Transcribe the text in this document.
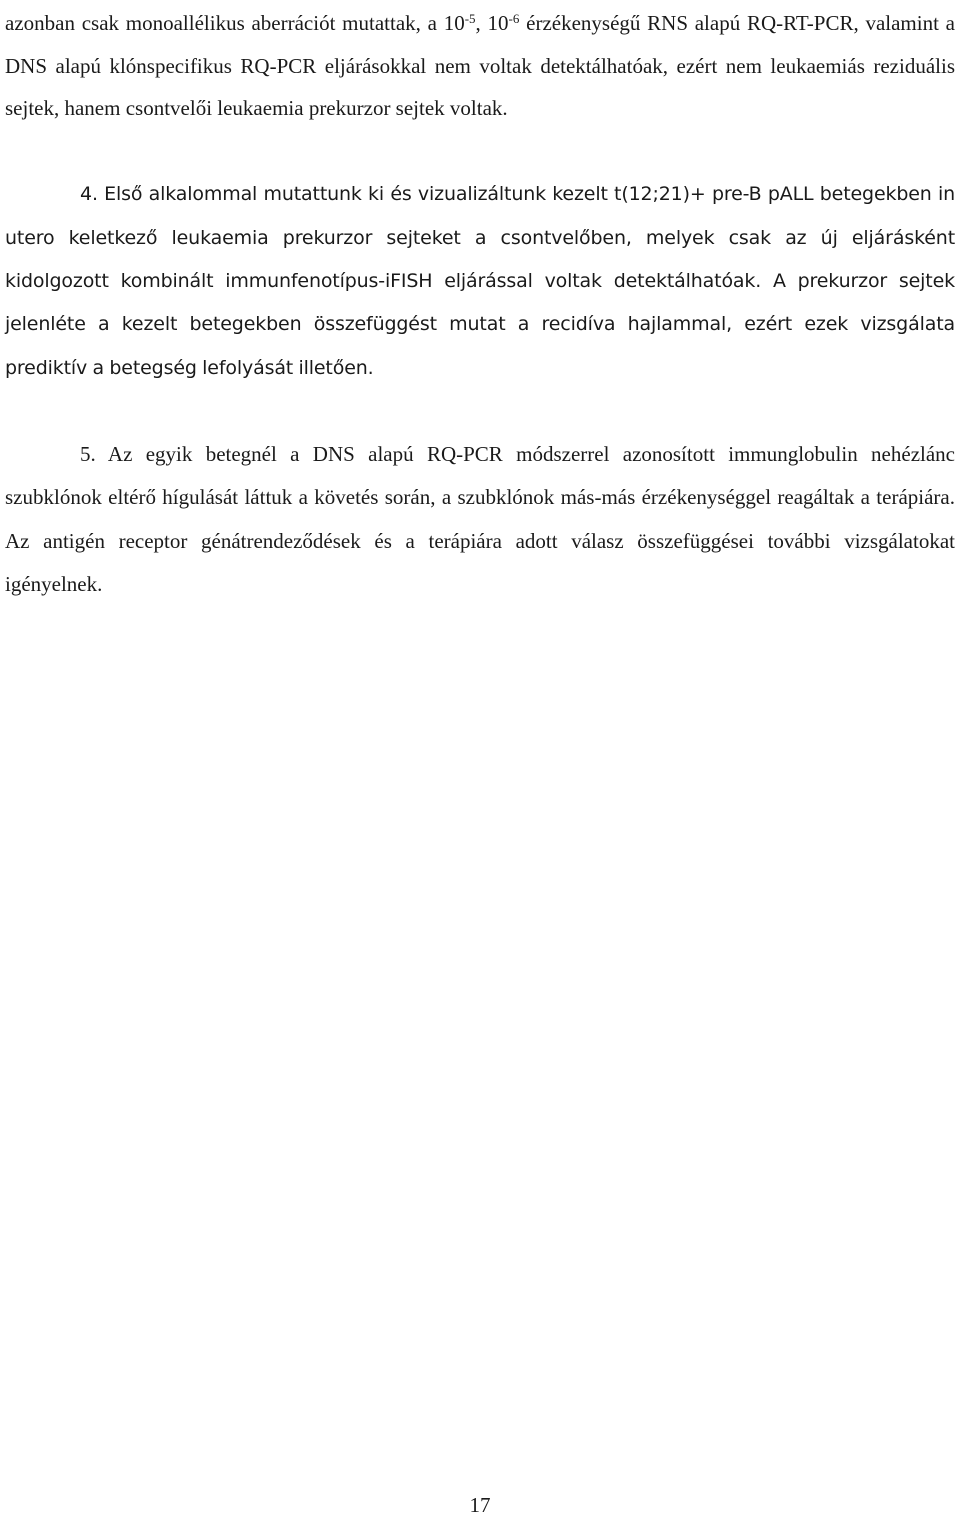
azonban csak monoallélikus aberrációt mutattak, a $10^{-5}$, $10^{-6}$ érzékenységű RNS alapú RQ-RT-PCR, valamint a DNS alapú klónspecifikus RQ-PCR eljárásokkal nem voltak detektálhatóak, ezért nem leukaemiás reziduális sejtek, hanem csontvelői leukaemia prekurzor sejtek voltak.

4. Első alkalommal mutattunk ki és vizualizáltunk kezelt t(12;21)+ pre-B pALL betegekben in utero keletkező leukaemia prekurzor sejteket a csontvelőben, melyek csak az új eljárásként kidolgozott kombinált immunfenotípus-iFISH eljárással voltak detektálhatóak. A prekurzor sejtek jelenléte a kezelt betegekben összefüggést mutat a recidíva hajlammal, ezért ezek vizsgálata prediktív a betegség lefolyását illetően.

5. Az egyik betegnél a DNS alapú RQ-PCR módszerrel azonosított immunglobulin nehézlánc szubklónok eltérő hígulását láttuk a követés során, a szubklónok más-más érzékenységgel reagáltak a terápiára. Az antigén receptor génátrendeződések és a terápiára adott válasz összefüggései további vizsgálatokat igényelnek.

17
